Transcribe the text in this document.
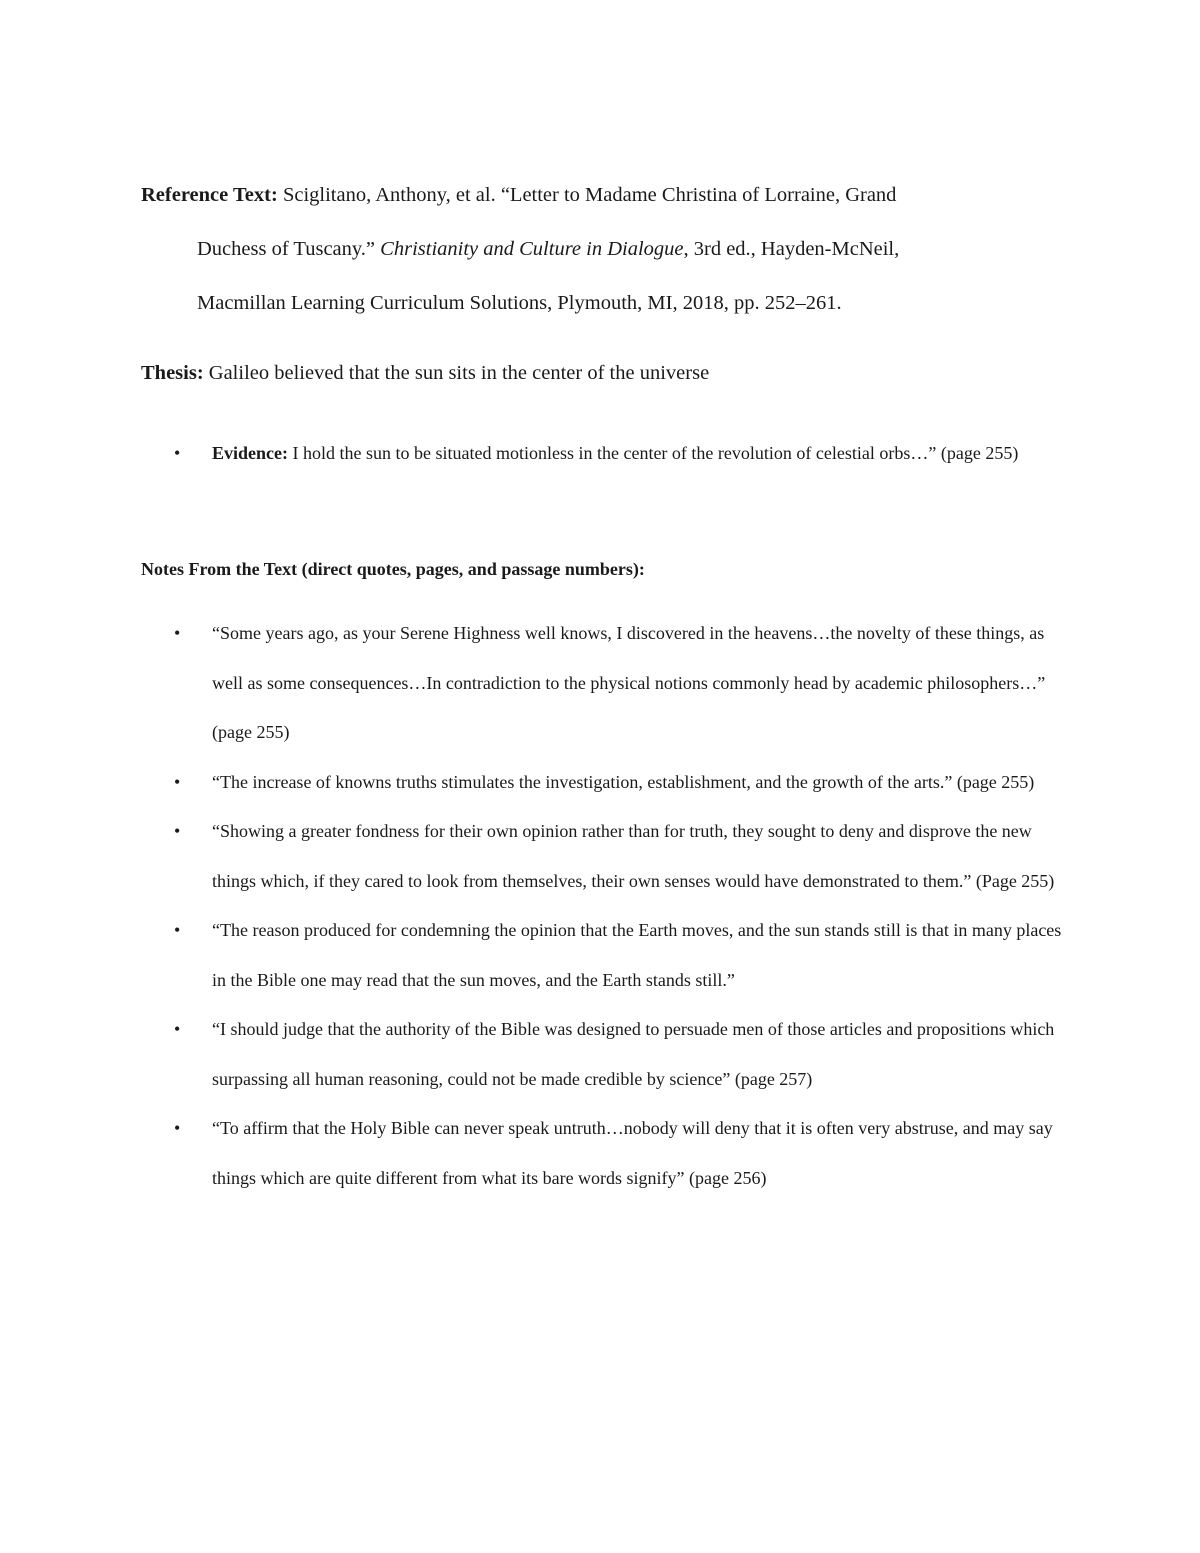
Reference Text: Sciglitano, Anthony, et al. “Letter to Madame Christina of Lorraine, Grand
Duchess of Tuscany.” Christianity and Culture in Dialogue, 3rd ed., Hayden-McNeil,
Macmillan Learning Curriculum Solutions, Plymouth, MI, 2018, pp. 252–261.
Thesis: Galileo believed that the sun sits in the center of the universe
• Evidence: I hold the sun to be situated motionless in the center of the revolution of celestial orbs…” (page 255)
Notes From the Text (direct quotes, pages, and passage numbers):
• “Some years ago, as your Serene Highness well knows, I discovered in the heavens…the novelty of these things, as well as some consequences…In contradiction to the physical notions commonly head by academic philosophers…” (page 255)
• “The increase of knowns truths stimulates the investigation, establishment, and the growth of the arts.” (page 255)
• “Showing a greater fondness for their own opinion rather than for truth, they sought to deny and disprove the new things which, if they cared to look from themselves, their own senses would have demonstrated to them.” (Page 255)
• “The reason produced for condemning the opinion that the Earth moves, and the sun stands still is that in many places in the Bible one may read that the sun moves, and the Earth stands still.”
• “I should judge that the authority of the Bible was designed to persuade men of those articles and propositions which surpassing all human reasoning, could not be made credible by science” (page 257)
• “To affirm that the Holy Bible can never speak untruth…nobody will deny that it is often very abstruse, and may say things which are quite different from what its bare words signify” (page 256)
